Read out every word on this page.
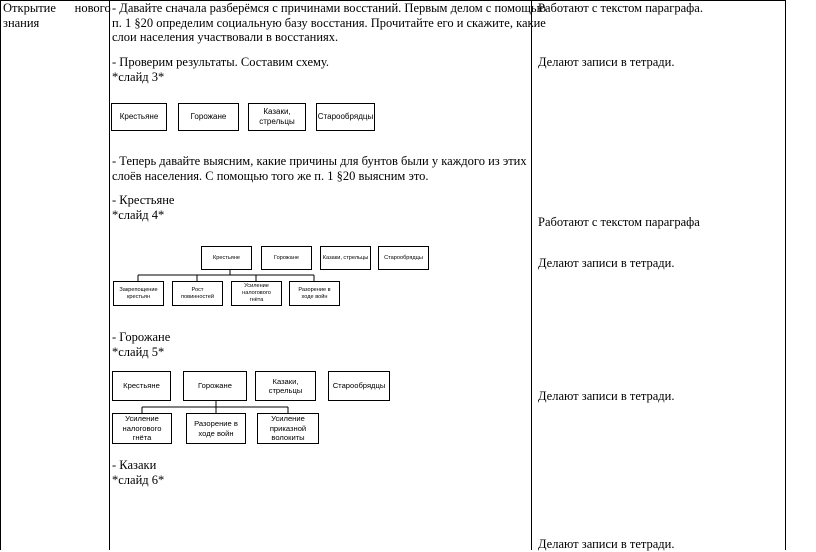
Открытие      нового
знания
- Давайте сначала разберёмся с причинами восстаний. Первым делом с помощью
п. 1 §20 определим социальную базу восстания. Прочитайте его и скажите, какие
слои населения участвовали в восстаниях.
- Проверим результаты. Составим схему.
*слайд 3*
- Теперь давайте выясним, какие причины для бунтов были у каждого из этих
слоёв населения. С помощью того же п. 1 §20 выясним это.
- Крестьяне
*слайд 4*
- Горожане
*слайд 5*
- Казаки
*слайд 6*
Крестьяне	Горожане
Казаки, стрельцы
Старообрядцы
Крестьяне	Горожане	Казаки, стрельцы	Старообрядцы
Закрепощение крестьян
Рост повинностей
Усиление налогового гнёта
Разорение в ходе войн
Крестьяне	Горожане
Казаки, стрельцы
Старообрядцы
Усиление налогового гнёта
Разорение в ходе войн
Усиление приказной волокиты
Работают с текстом параграфа.
Делают записи в тетради.
Работают с текстом параграфа
Делают записи в тетради.
Делают записи в тетради.
Делают записи в тетради.
